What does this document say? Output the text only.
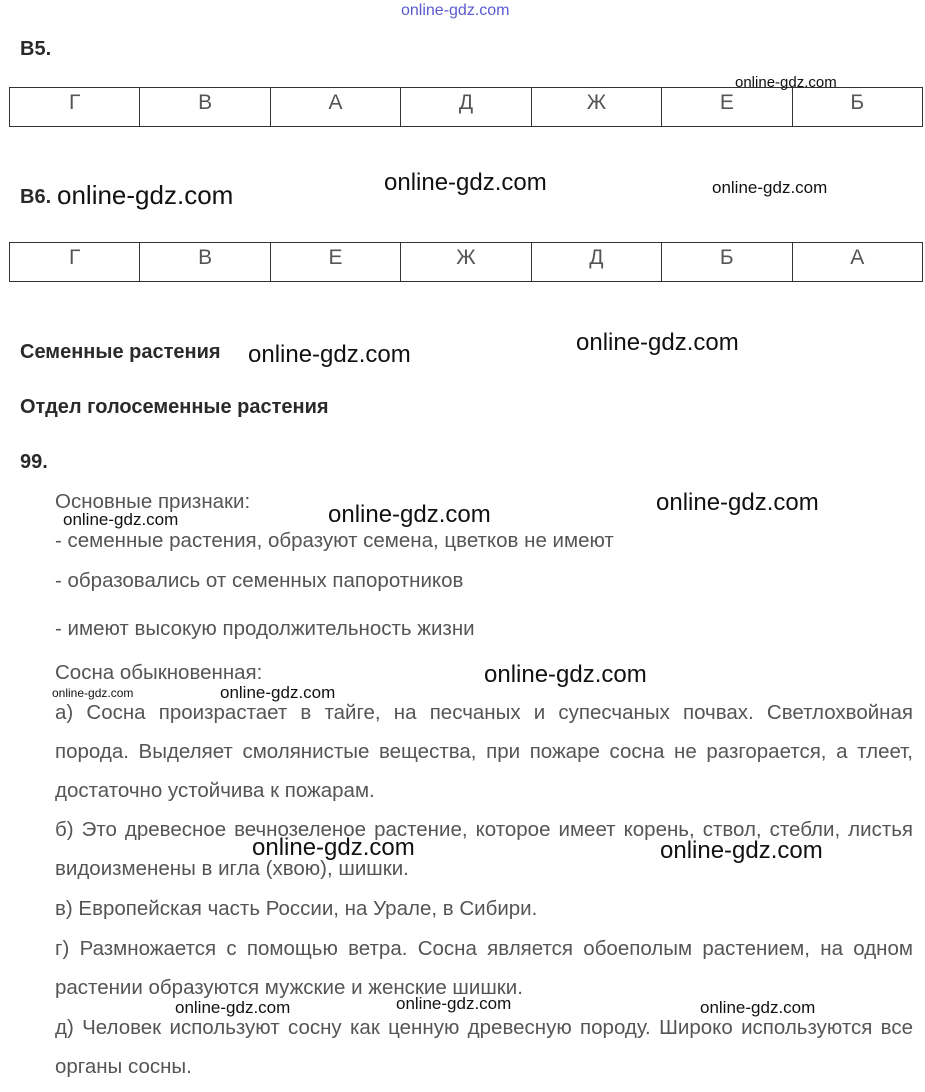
online-gdz.com
B5.
Г	В	А	Д	Ж	Е	Б
B6.
Г	В	Е	Ж	Д	Б	А
Семенные растения
Отдел голосеменные растения
99.
Основные признаки:
- семенные растения, образуют семена, цветков не имеют
- образовались от семенных папоротников
- имеют высокую продолжительность жизни
Сосна обыкновенная:
а) Сосна произрастает в тайге, на песчаных и супесчаных почвах. Светлохвойная порода. Выделяет смолянистые вещества, при пожаре сосна не разгорается, а тлеет, достаточно устойчива к пожарам.
б) Это древесное вечнозеленое растение, которое имеет корень, ствол, стебли, листья видоизменены в игла (хвою), шишки.
в) Европейская часть России, на Урале, в Сибири.
г) Размножается с помощью ветра. Сосна является обоеполым растением, на одном растении образуются мужские и женские шишки.
д) Человек используют сосну как ценную древесную породу. Широко используются все органы сосны.
online-gdz.com
online-gdz.com	online-gdz.com	online-gdz.com
online-gdz.com	online-gdz.com
online-gdz.com
online-gdz.com	online-gdz.com
online-gdz.com
online-gdz.com	online-gdz.com
online-gdz.com	online-gdz.com
online-gdz.com	online-gdz.com	online-gdz.com
